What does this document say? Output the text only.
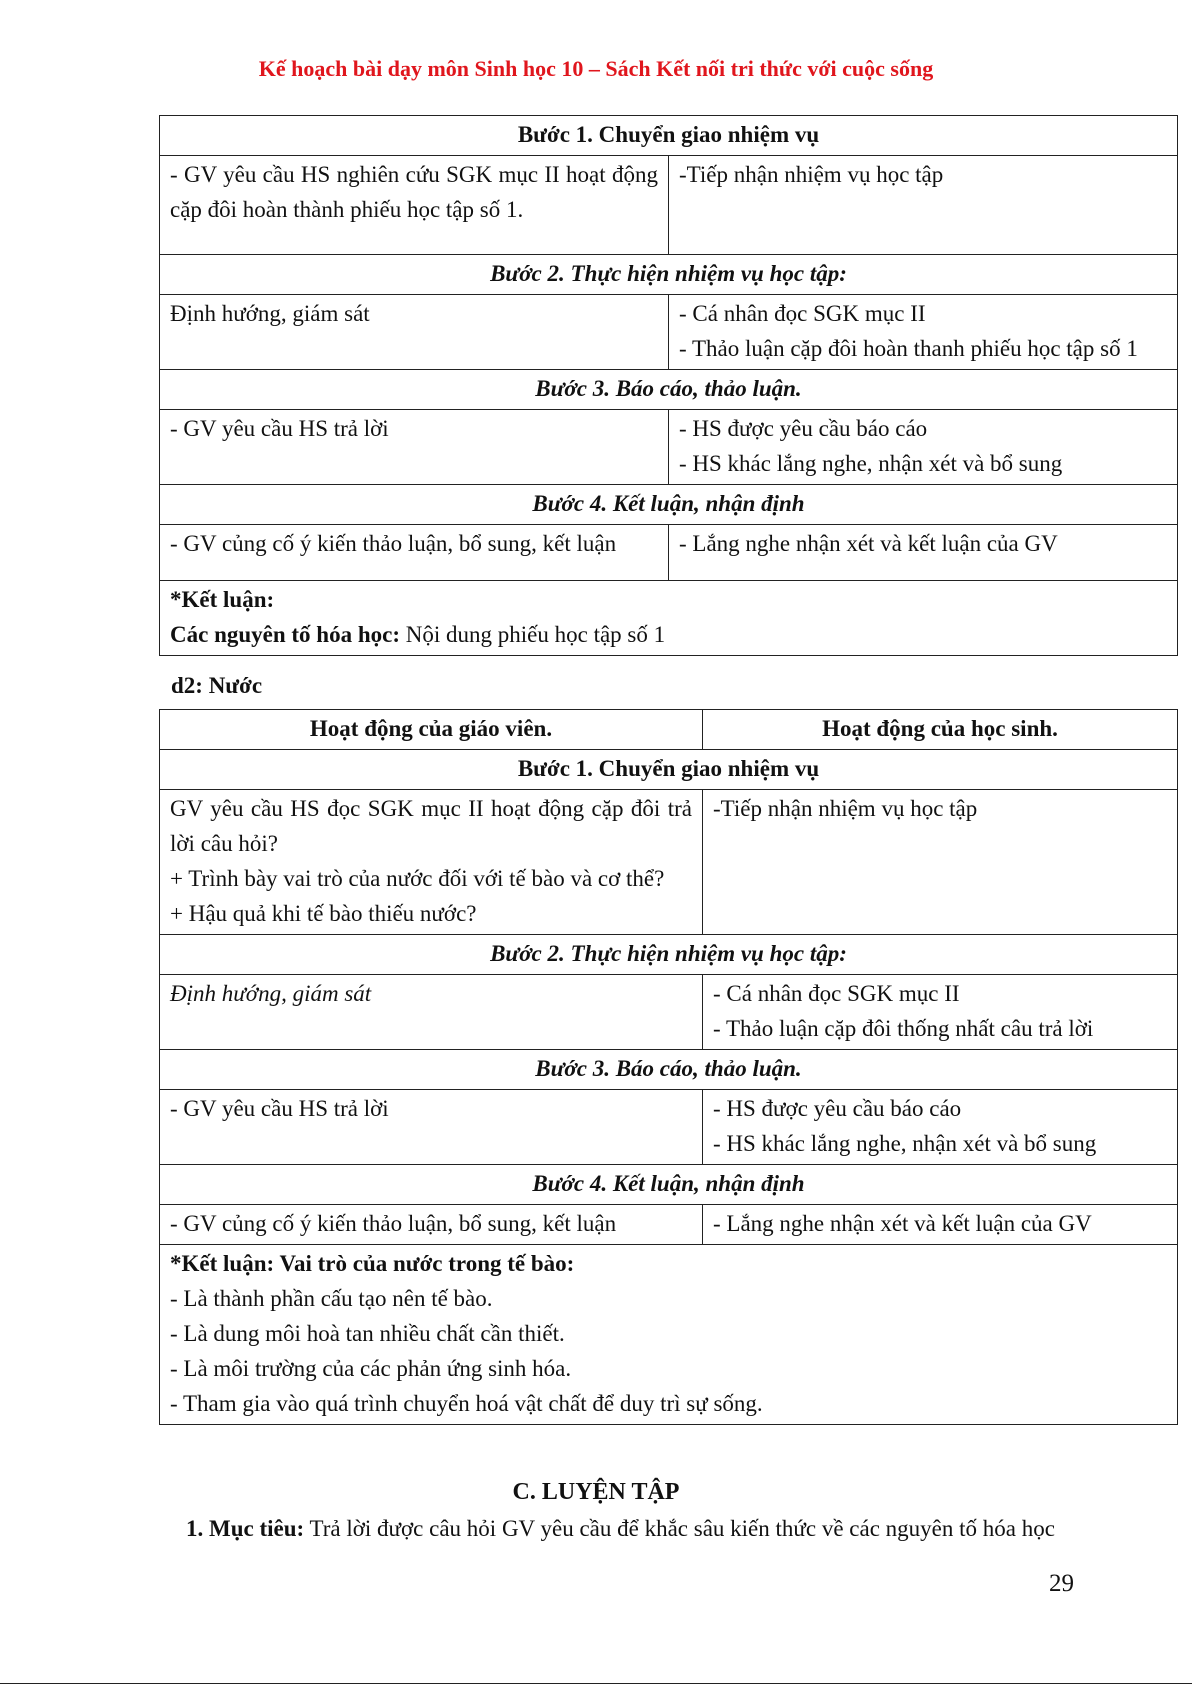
Kế hoạch bài dạy môn Sinh học 10 – Sách Kết nối tri thức với cuộc sống
Bước 1. Chuyển giao nhiệm vụ	
- GV yêu cầu HS nghiên cứu SGK mục II hoạt động cặp đôi hoàn thành phiếu học tập số 1.	-Tiếp nhận nhiệm vụ học tập
Bước 2. Thực hiện nhiệm vụ học tập:	
Định hướng, giám sát	- Cá nhân đọc SGK mục II
- Thảo luận cặp đôi hoàn thanh phiếu học tập số 1

Bước 3. Báo cáo, thảo luận.	
- GV yêu cầu HS trả lời	- HS được yêu cầu báo cáo
- HS khác lắng nghe, nhận xét và bổ sung

Bước 4. Kết luận, nhận định	
- GV củng cố ý kiến thảo luận, bổ sung, kết luận	- Lắng nghe nhận xét và kết luận của GV

*Kết luận:
Các nguyên tố hóa học: Nội dung phiếu học tập số 1	
d2: Nước
Hoạt động của giáo viên.	Hoạt động của học sinh.
Bước 1. Chuyển giao nhiệm vụ	

GV yêu cầu HS đọc SGK mục II hoạt động cặp đôi trả lời câu hỏi?
+ Trình bày vai trò của nước đối với tế bào và cơ thể?
+ Hậu quả khi tế bào thiếu nước?	-Tiếp nhận nhiệm vụ học tập
Bước 2. Thực hiện nhiệm vụ học tập:	
Định hướng, giám sát	- Cá nhân đọc SGK mục II
- Thảo luận cặp đôi thống nhất câu trả lời

Bước 3. Báo cáo, thảo luận.	
- GV yêu cầu HS trả lời	- HS được yêu cầu báo cáo
- HS khác lắng nghe, nhận xét và bổ sung

Bước 4. Kết luận, nhận định	
- GV củng cố ý kiến thảo luận, bổ sung, kết luận	- Lắng nghe nhận xét và kết luận của GV

*Kết luận: Vai trò của nước trong tế bào:
- Là thành phần cấu tạo nên tế bào.
- Là dung môi hoà tan nhiều chất cần thiết.
- Là môi trường của các phản ứng sinh hóa.
- Tham gia vào quá trình chuyển hoá vật chất để duy trì sự sống.	
C. LUYỆN TẬP
1. Mục tiêu: Trả lời được câu hỏi GV yêu cầu để khắc sâu kiến thức về các nguyên tố hóa học
29
